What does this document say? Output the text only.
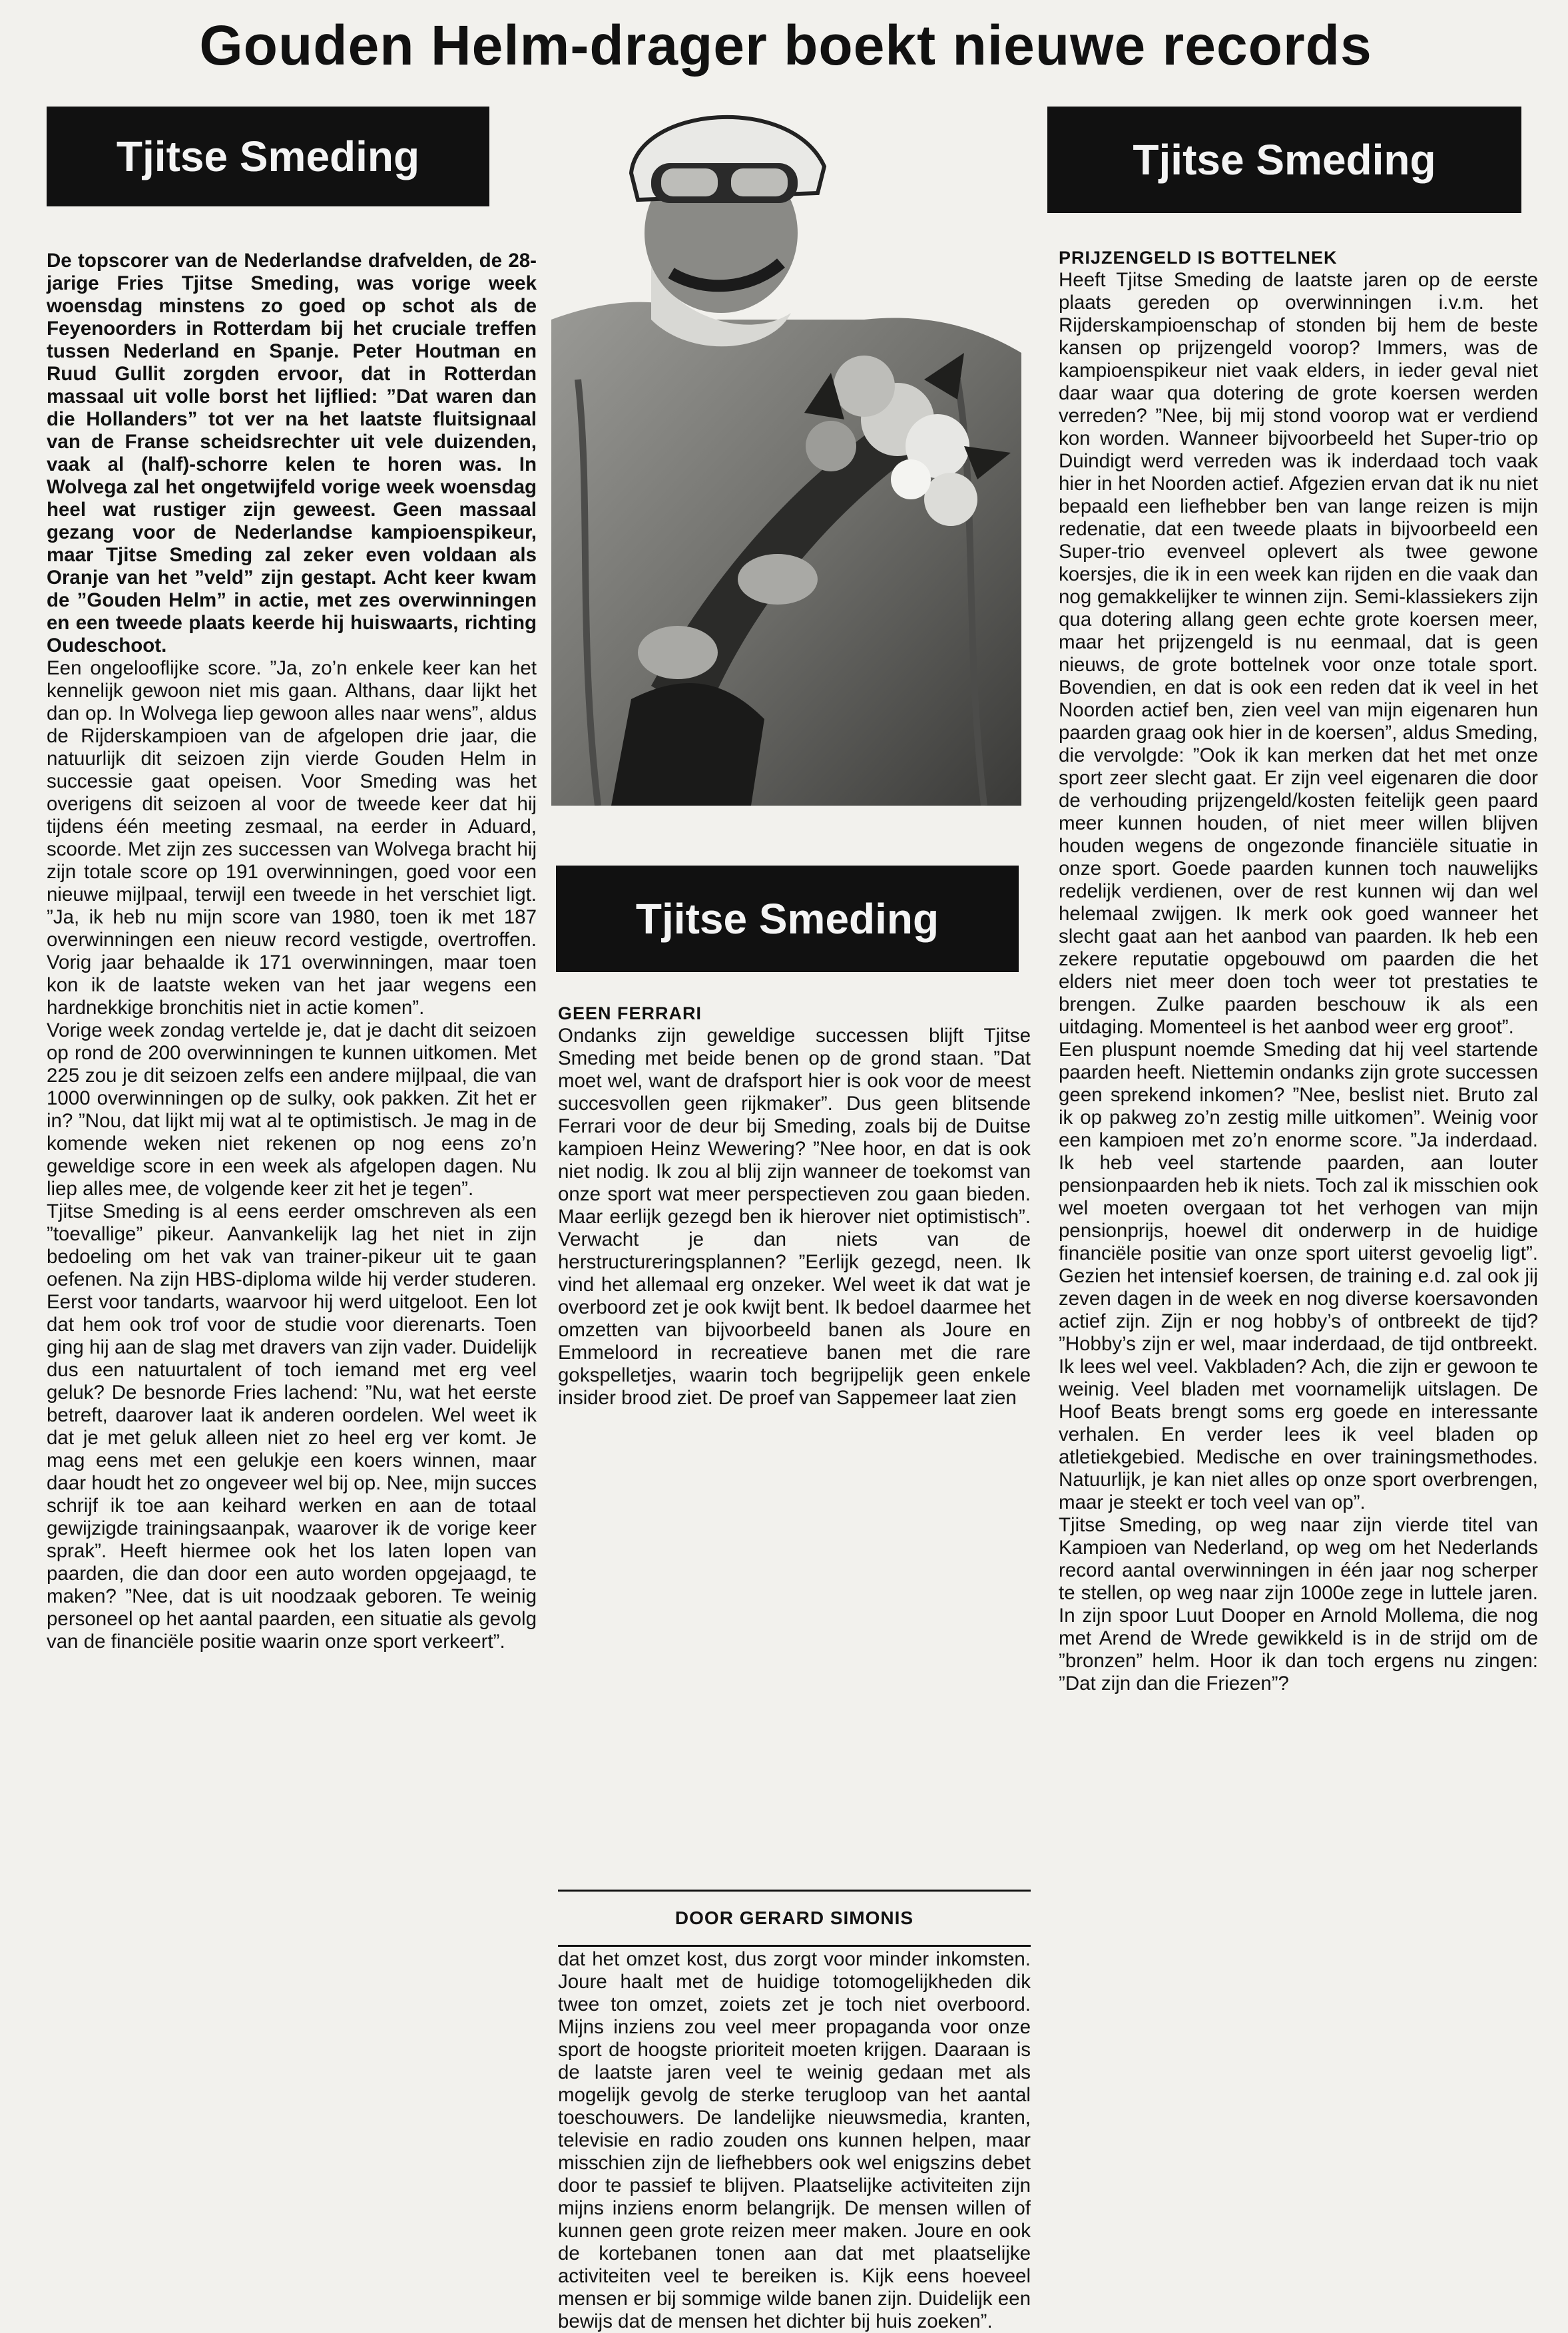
Gouden Helm-drager boekt nieuwe records
Tjitse Smeding	Tjitse Smeding
Tjitse Smeding

De topscorer van de Nederlandse drafvelden, de 28-jarige Fries Tjitse Smeding, was vorige week woensdag minstens zo goed op schot als de Feyenoorders in Rotterdam bij het cruciale treffen tussen Nederland en Spanje. Peter Houtman en Ruud Gullit zorgden ervoor, dat in Rotterdan massaal uit volle borst het lijflied: ”Dat waren dan die Hollanders” tot ver na het laatste fluitsignaal van de Franse scheidsrechter uit vele duizenden, vaak al (half)-schorre kelen te horen was. In Wolvega zal het ongetwijfeld vorige week woensdag heel wat rustiger zijn geweest. Geen massaal gezang voor de Nederlandse kampioenspikeur, maar Tjitse Smeding zal zeker even voldaan als Oranje van het ”veld” zijn gestapt. Acht keer kwam de ”Gouden Helm” in actie, met zes overwinningen en een tweede plaats keerde hij huiswaarts, richting Oudeschoot.

Een ongelooflijke score. ”Ja, zo’n enkele keer kan het kennelijk gewoon niet mis gaan. Althans, daar lijkt het dan op. In Wolvega liep gewoon alles naar wens”, aldus de Rijderskampioen van de afgelopen drie jaar, die natuurlijk dit seizoen zijn vierde Gouden Helm in successie gaat opeisen. Voor Smeding was het overigens dit seizoen al voor de tweede keer dat hij tijdens één meeting zesmaal, na eerder in Aduard, scoorde. Met zijn zes successen van Wolvega bracht hij zijn totale score op 191 overwinningen, goed voor een nieuwe mijlpaal, terwijl een tweede in het verschiet ligt. ”Ja, ik heb nu mijn score van 1980, toen ik met 187 overwinningen een nieuw record vestigde, overtroffen. Vorig jaar behaalde ik 171 overwinningen, maar toen kon ik de laatste weken van het jaar wegens een hardnekkige bronchitis niet in actie komen”.

Vorige week zondag vertelde je, dat je dacht dit seizoen op rond de 200 overwinningen te kunnen uitkomen. Met 225 zou je dit seizoen zelfs een andere mijlpaal, die van 1000 overwinningen op de sulky, ook pakken. Zit het er in? ”Nou, dat lijkt mij wat al te optimistisch. Je mag in de komende weken niet rekenen op nog eens zo’n geweldige score in een week als afgelopen dagen. Nu liep alles mee, de volgende keer zit het je tegen”.

Tjitse Smeding is al eens eerder omschreven als een ”toevallige” pikeur. Aanvankelijk lag het niet in zijn bedoeling om het vak van trainer-pikeur uit te gaan oefenen. Na zijn HBS-diploma wilde hij verder studeren. Eerst voor tandarts, waarvoor hij werd uitgeloot. Een lot dat hem ook trof voor de studie voor dierenarts. Toen ging hij aan de slag met dravers van zijn vader. Duidelijk dus een natuurtalent of toch iemand met erg veel geluk? De besnorde Fries lachend: ”Nu, wat het eerste betreft, daarover laat ik anderen oordelen. Wel weet ik dat je met geluk alleen niet zo heel erg ver komt. Je mag eens met een gelukje een koers winnen, maar daar houdt het zo ongeveer wel bij op. Nee, mijn succes schrijf ik toe aan keihard werken en aan de totaal gewijzigde trainingsaanpak, waarover ik de vorige keer sprak”. Heeft hiermee ook het los laten lopen van paarden, die dan door een auto worden opgejaagd, te maken? ”Nee, dat is uit noodzaak geboren. Te weinig personeel op het aantal paarden, een situatie als gevolg van de financiële positie waarin onze sport verkeert”.

GEEN FERRARI

Ondanks zijn geweldige successen blijft Tjitse Smeding met beide benen op de grond staan. ”Dat moet wel, want de drafsport hier is ook voor de meest succesvollen geen rijkmaker”. Dus geen blitsende Ferrari voor de deur bij Smeding, zoals bij de Duitse kampioen Heinz Wewering? ”Nee hoor, en dat is ook niet nodig. Ik zou al blij zijn wanneer de toekomst van onze sport wat meer perspectieven zou gaan bieden. Maar eerlijk gezegd ben ik hierover niet optimistisch”. Verwacht je dan niets van de herstructureringsplannen? ”Eerlijk gezegd, neen. Ik vind het allemaal erg onzeker. Wel weet ik dat wat je overboord zet je ook kwijt bent. Ik bedoel daarmee het omzetten van bijvoorbeeld banen als Joure en Emmeloord in recreatieve banen met die rare gokspelletjes, waarin toch begrijpelijk geen enkele insider brood ziet. De proef van Sappemeer laat zien

DOOR GERARD SIMONIS

dat het omzet kost, dus zorgt voor minder inkomsten. Joure haalt met de huidige totomogelijkheden dik twee ton omzet, zoiets zet je toch niet overboord. Mijns inziens zou veel meer propaganda voor onze sport de hoogste prioriteit moeten krijgen. Daaraan is de laatste jaren veel te weinig gedaan met als mogelijk gevolg de sterke terugloop van het aantal toeschouwers. De landelijke nieuwsmedia, kranten, televisie en radio zouden ons kunnen helpen, maar misschien zijn de liefhebbers ook wel enigszins debet door te passief te blijven. Plaatselijke activiteiten zijn mijns inziens enorm belangrijk. De mensen willen of kunnen geen grote reizen meer maken. Joure en ook de kortebanen tonen aan dat met plaatselijke activiteiten veel te bereiken is. Kijk eens hoeveel mensen er bij sommige wilde banen zijn. Duidelijk een bewijs dat de mensen het dichter bij huis zoeken”.

PRIJZENGELD IS BOTTELNEK

Heeft Tjitse Smeding de laatste jaren op de eerste plaats gereden op overwinningen i.v.m. het Rijderskampioenschap of stonden bij hem de beste kansen op prijzengeld voorop? Immers, was de kampioenspikeur niet vaak elders, in ieder geval niet daar waar qua dotering de grote koersen werden verreden? ”Nee, bij mij stond voorop wat er verdiend kon worden. Wanneer bijvoorbeeld het Super-trio op Duindigt werd verreden was ik inderdaad toch vaak hier in het Noorden actief. Afgezien ervan dat ik nu niet bepaald een liefhebber ben van lange reizen is mijn redenatie, dat een tweede plaats in bijvoorbeeld een Super-trio evenveel oplevert als twee gewone koersjes, die ik in een week kan rijden en die vaak dan nog gemakkelijker te winnen zijn. Semi-klassiekers zijn qua dotering allang geen echte grote koersen meer, maar het prijzengeld is nu eenmaal, dat is geen nieuws, de grote bottelnek voor onze totale sport. Bovendien, en dat is ook een reden dat ik veel in het Noorden actief ben, zien veel van mijn eigenaren hun paarden graag ook hier in de koersen”, aldus Smeding, die vervolgde: ”Ook ik kan merken dat het met onze sport zeer slecht gaat. Er zijn veel eigenaren die door de verhouding prijzengeld/kosten feitelijk geen paard meer kunnen houden, of niet meer willen blijven houden wegens de ongezonde financiële situatie in onze sport. Goede paarden kunnen toch nauwelijks redelijk verdienen, over de rest kunnen wij dan wel helemaal zwijgen. Ik merk ook goed wanneer het slecht gaat aan het aanbod van paarden. Ik heb een zekere reputatie opgebouwd om paarden die het elders niet meer doen toch weer tot prestaties te brengen. Zulke paarden beschouw ik als een uitdaging. Momenteel is het aanbod weer erg groot”.

Een pluspunt noemde Smeding dat hij veel startende paarden heeft. Niettemin ondanks zijn grote successen geen sprekend inkomen? ”Nee, beslist niet. Bruto zal ik op pakweg zo’n zestig mille uitkomen”. Weinig voor een kampioen met zo’n enorme score. ”Ja inderdaad. Ik heb veel startende paarden, aan louter pensionpaarden heb ik niets. Toch zal ik misschien ook wel moeten overgaan tot het verhogen van mijn pensionprijs, hoewel dit onderwerp in de huidige financiële positie van onze sport uiterst gevoelig ligt”. Gezien het intensief koersen, de training e.d. zal ook jij zeven dagen in de week en nog diverse koersavonden actief zijn. Zijn er nog hobby’s of ontbreekt de tijd? ”Hobby’s zijn er wel, maar inderdaad, de tijd ontbreekt. Ik lees wel veel. Vakbladen? Ach, die zijn er gewoon te weinig. Veel bladen met voornamelijk uitslagen. De Hoof Beats brengt soms erg goede en interessante verhalen. En verder lees ik veel bladen op atletiekgebied. Medische en over trainingsmethodes. Natuurlijk, je kan niet alles op onze sport overbrengen, maar je steekt er toch veel van op”.

Tjitse Smeding, op weg naar zijn vierde titel van Kampioen van Nederland, op weg om het Nederlands record aantal overwinningen in één jaar nog scherper te stellen, op weg naar zijn 1000e zege in luttele jaren. In zijn spoor Luut Dooper en Arnold Mollema, die nog met Arend de Wrede gewikkeld is in de strijd om de ”bronzen” helm. Hoor ik dan toch ergens nu zingen: ”Dat zijn dan die Friezen”?
